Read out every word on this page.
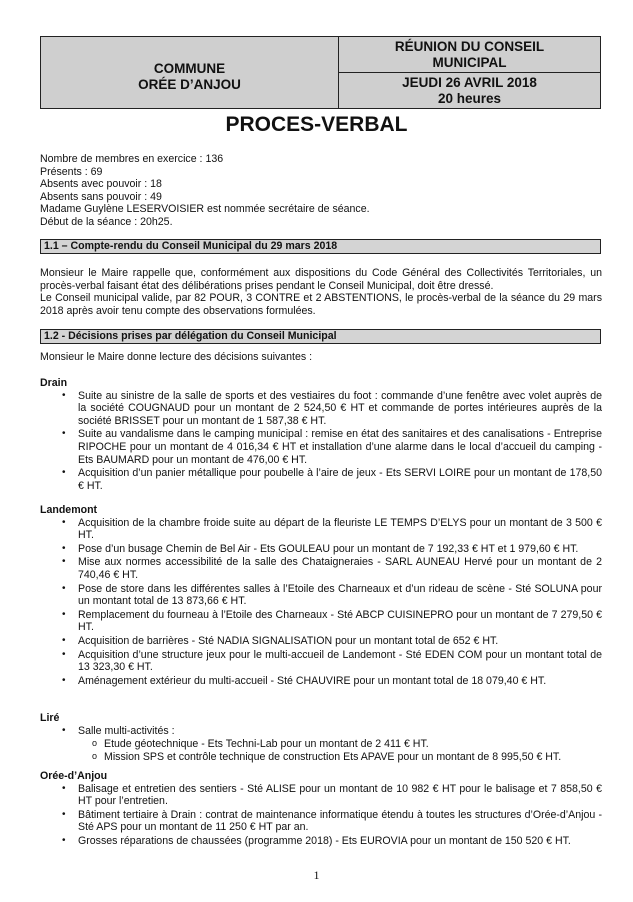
COMMUNE
ORÉE D’ANJOU
RÉUNION DU CONSEIL
MUNICIPAL
JEUDI 26 AVRIL 2018
20 heures
PROCES-VERBAL
Nombre de membres en exercice : 136
Présents : 69
Absents avec pouvoir : 18
Absents sans pouvoir : 49
Madame Guylène LESERVOISIER est nommée secrétaire de séance.
Début de la séance : 20h25.
1.1 – Compte-rendu du Conseil Municipal du 29 mars 2018
Monsieur le Maire rappelle que, conformément aux dispositions du Code Général des Collectivités Territoriales, un procès-verbal faisant état des délibérations prises pendant le Conseil Municipal, doit être dressé.
Le Conseil municipal valide, par 82 POUR, 3 CONTRE et 2 ABSTENTIONS, le procès-verbal de la séance du 29 mars 2018 après avoir tenu compte des observations formulées.
1.2 - Décisions prises par délégation du Conseil Municipal
Monsieur le Maire donne lecture des décisions suivantes :
Drain
• Suite au sinistre de la salle de sports et des vestiaires du foot : commande d’une fenêtre avec volet auprès de la société COUGNAUD pour un montant de 2 524,50 € HT et commande de portes intérieures auprès de la société BRISSET pour un montant de 1 587,38 € HT.
• Suite au vandalisme dans le camping municipal : remise en état des sanitaires et des canalisations - Entreprise RIPOCHE pour un montant de 4 016,34 € HT et installation d’une alarme dans le local d’accueil du camping - Ets BAUMARD pour un montant de 476,00 € HT.
• Acquisition d’un panier métallique pour poubelle à l’aire de jeux - Ets SERVI LOIRE pour un montant de 178,50 € HT.
Landemont
• Acquisition de la chambre froide suite au départ de la fleuriste LE TEMPS D’ELYS pour un montant de 3 500 € HT.
• Pose d’un busage Chemin de Bel Air - Ets GOULEAU pour un montant de 7 192,33 € HT et 1 979,60 € HT.
• Mise aux normes accessibilité de la salle des Chataigneraies - SARL AUNEAU Hervé pour un montant de 2 740,46 € HT.
• Pose de store dans les différentes salles à l’Etoile des Charneaux et d’un rideau de scène - Sté SOLUNA pour un montant total de 13 873,66 € HT.
• Remplacement du fourneau à l’Etoile des Charneaux - Sté ABCP CUISINEPRO pour un montant de 7 279,50 € HT.
• Acquisition de barrières - Sté NADIA SIGNALISATION pour un montant total de 652 € HT.
• Acquisition d’une structure jeux pour le multi-accueil de Landemont - Sté EDEN COM pour un montant total de 13 323,30 € HT.
• Aménagement extérieur du multi-accueil - Sté CHAUVIRE pour un montant total de 18 079,40 € HT.
Liré
• Salle multi-activités :
o Etude géotechnique - Ets Techni-Lab pour un montant de 2 411 € HT.
o Mission SPS et contrôle technique de construction Ets APAVE pour un montant de 8 995,50 € HT.
Orée-d’Anjou
• Balisage et entretien des sentiers - Sté ALISE pour un montant de 10 982 € HT pour le balisage et 7 858,50 € HT pour l’entretien.
• Bâtiment tertiaire à Drain : contrat de maintenance informatique étendu à toutes les structures d’Orée-d’Anjou - Sté APS pour un montant de 11 250 € HT par an.
• Grosses réparations de chaussées (programme 2018) - Ets EUROVIA pour un montant de 150 520 € HT.
1
